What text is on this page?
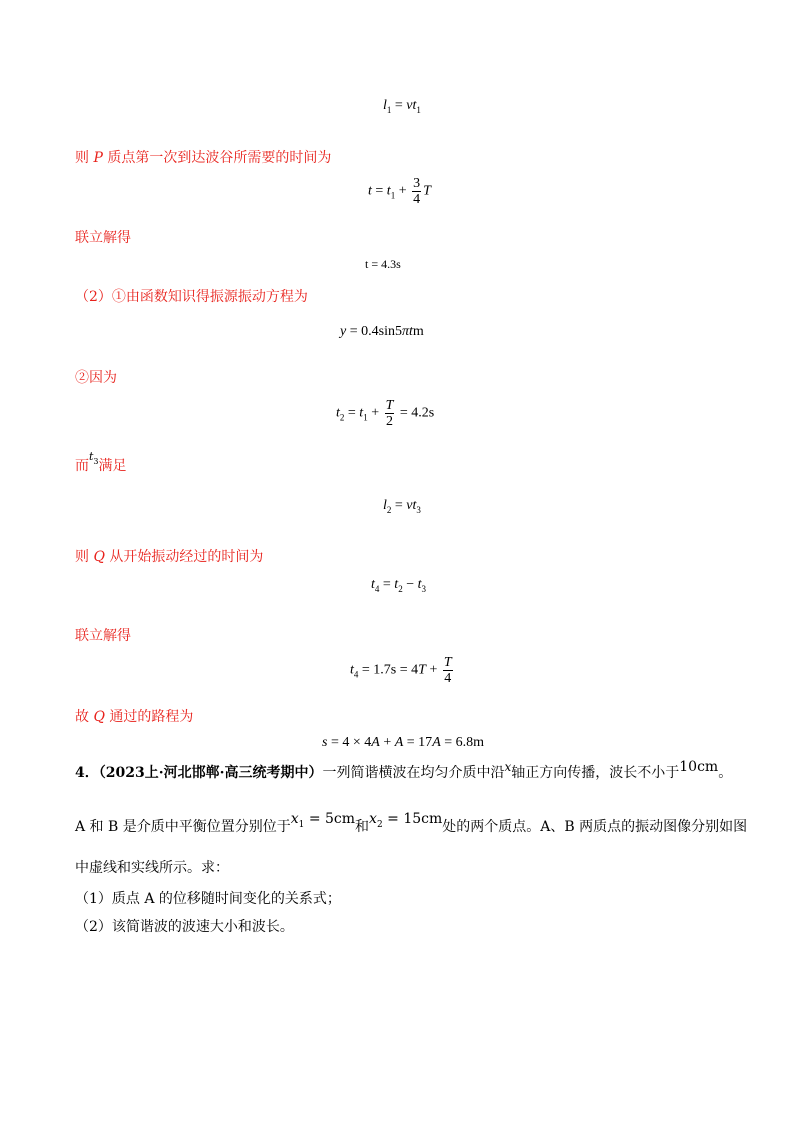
$l_1 = vt_1$
则 P 质点第一次到达波谷所需要的时间为
$t = t_1 + \frac{3}{4}$ T
联立解得
t = 4.3s
（2）①由函数知识得振源振动方程为
y = 0.4sin5πtm
②因为
$t_2 = t_1 + \frac{T}{2} = 4.2s$
而$^{t_3}$满足
$l_2 = vt_3$
则 Q 从开始振动经过的时间为
$t_4 = t_2 - t_3$
联立解得
$t_4 = 1.7s = 4T + \frac{T}{4}$
故 Q 通过的路程为
s = 4 × 4A + A = 17A = 6.8m
4．（2023上·河北邯郸·高三统考期中）一列简谐横波在均匀介质中沿x轴正方向传播，波长不小于10cm。
A 和 B 是介质中平衡位置分别位于$x_1 = 5cm$和$x_2 = 15cm$处的两个质点。A、B 两质点的振动图像分别如图
中虚线和实线所示。求：
（1）质点 A 的位移随时间变化的关系式；
（2）该简谐波的波速大小和波长。
